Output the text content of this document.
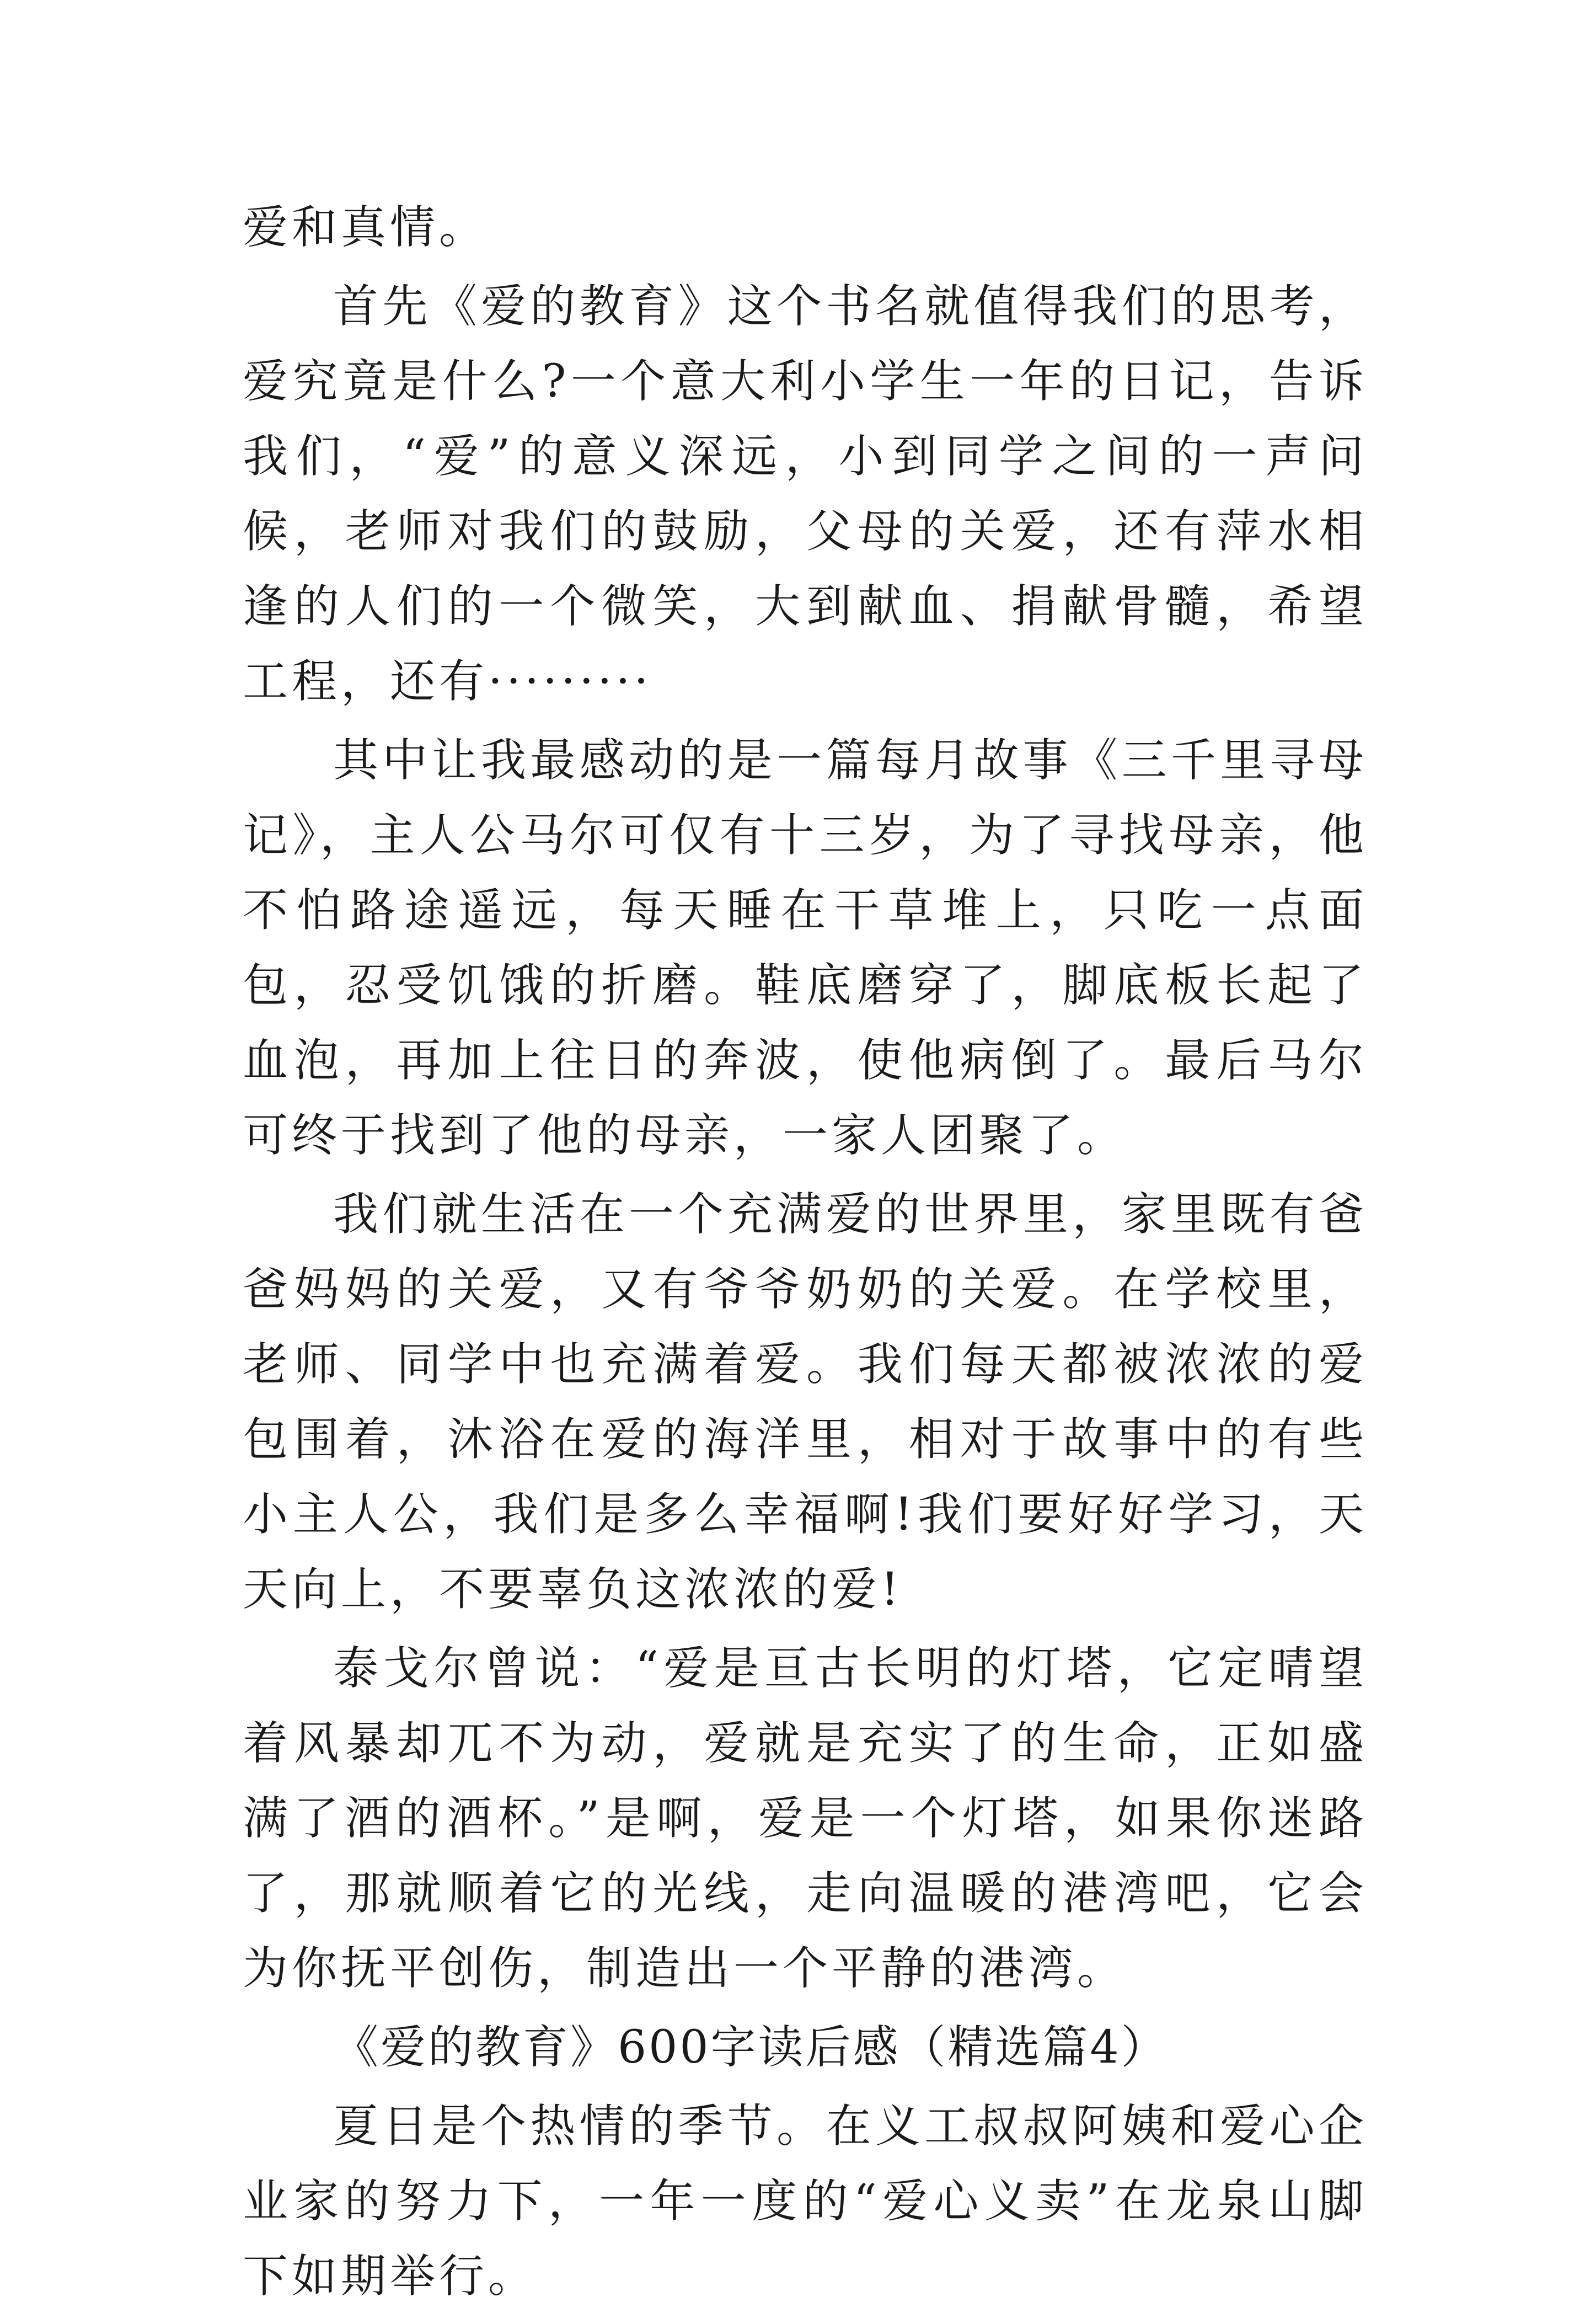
爱和真情。

首先《爱的教育》这个书名就值得我们的思考，爱究竟是什么?一个意大利小学生一年的日记，告诉我们，“爱”的意义深远，小到同学之间的一声问候，老师对我们的鼓励，父母的关爱，还有萍水相逢的人们的一个微笑，大到献血、捐献骨髓，希望工程，还有·········

其中让我最感动的是一篇每月故事《三千里寻母记》，主人公马尔可仅有十三岁，为了寻找母亲，他不怕路途遥远，每天睡在干草堆上，只吃一点面包，忍受饥饿的折磨。鞋底磨穿了，脚底板长起了血泡，再加上往日的奔波，使他病倒了。最后马尔可终于找到了他的母亲，一家人团聚了。

我们就生活在一个充满爱的世界里，家里既有爸爸妈妈的关爱，又有爷爷奶奶的关爱。在学校里，老师、同学中也充满着爱。我们每天都被浓浓的爱包围着，沐浴在爱的海洋里，相对于故事中的有些小主人公，我们是多么幸福啊!我们要好好学习，天天向上，不要辜负这浓浓的爱!

泰戈尔曾说：“爱是亘古长明的灯塔，它定晴望着风暴却兀不为动，爱就是充实了的生命，正如盛满了酒的酒杯。”是啊，爱是一个灯塔，如果你迷路了，那就顺着它的光线，走向温暖的港湾吧，它会为你抚平创伤，制造出一个平静的港湾。

《爱的教育》600字读后感（精选篇4）

夏日是个热情的季节。在义工叔叔阿姨和爱心企业家的努力下，一年一度的“爱心义卖”在龙泉山脚下如期举行。
